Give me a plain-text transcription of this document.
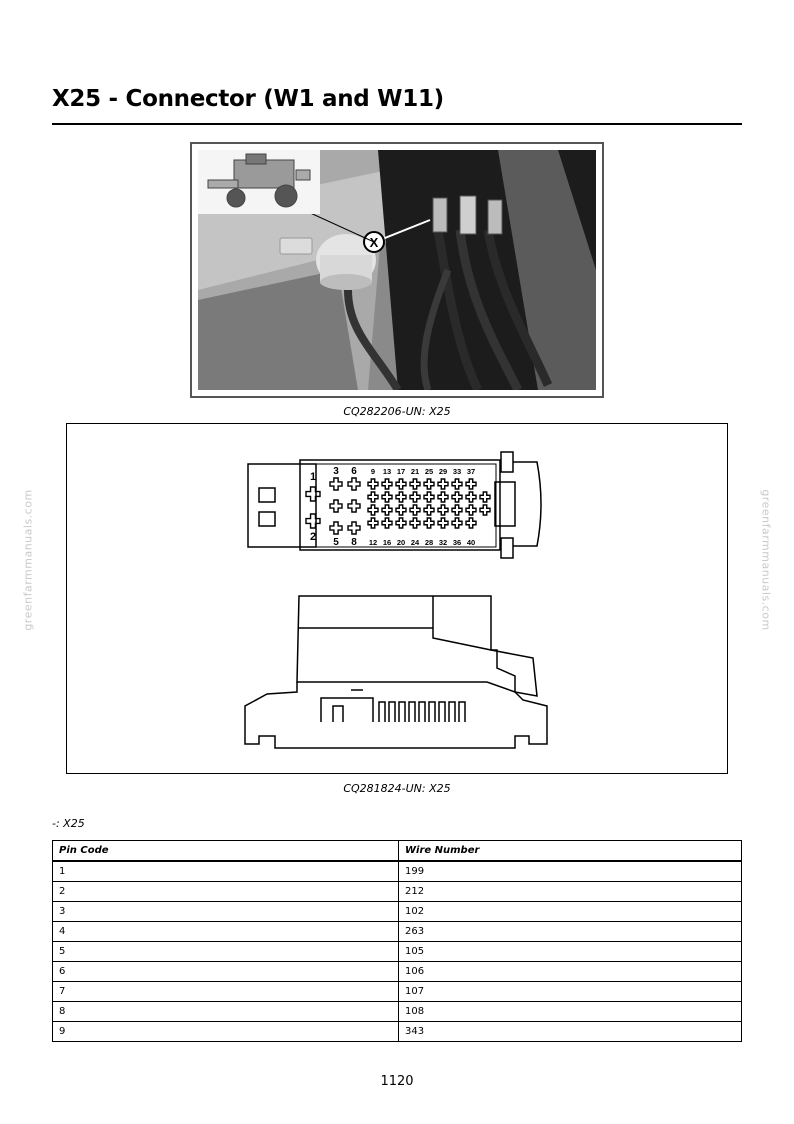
X25 - Connector (W1 and W11)
X
CQ282206-UN: X25
1 3 6 9 13 17 21 25 29 33 37
2 5 8 12 16 20 24 28 32 36 40
CQ281824-UN: X25
greenfarmmanuals.com	greenfarmmanuals.com
-: X25
Pin Code	Wire Number
1	199
2	212
3	102
4	263
5	105
6	106
7	107
8	108
9	343
1120
